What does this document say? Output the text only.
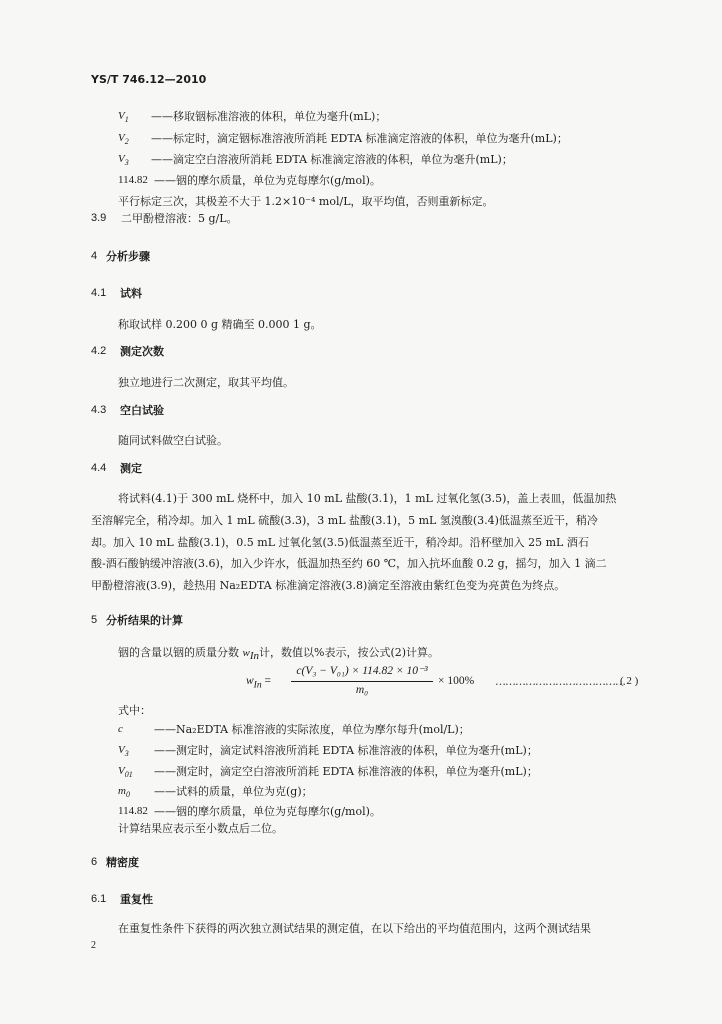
YS/T 746.12—2010
$V_1$ ——移取铟标准溶液的体积，单位为毫升(mL)；
$V_2$ ——标定时，滴定铟标准溶液所消耗 EDTA 标准滴定溶液的体积，单位为毫升(mL)；
$V_3$ ——滴定空白溶液所消耗 EDTA 标准滴定溶液的体积，单位为毫升(mL)；
114.82 ——铟的摩尔质量，单位为克每摩尔(g/mol)。
平行标定三次，其极差不大于 1.2×10⁻⁴ mol/L，取平均值，否则重新标定。
3.9 二甲酚橙溶液：5 g/L。
4 分析步骤
4.1 试料
称取试样 0.200 0 g 精确至 0.000 1 g。
4.2 测定次数
独立地进行二次测定，取其平均值。
4.3 空白试验
随同试料做空白试验。
4.4 测定
将试料(4.1)于 300 mL 烧杯中，加入 10 mL 盐酸(3.1)，1 mL 过氧化氢(3.5)，盖上表皿，低温加热
至溶解完全，稍冷却。加入 1 mL 硫酸(3.3)，3 mL 盐酸(3.1)，5 mL 氢溴酸(3.4)低温蒸至近干，稍冷
却。加入 10 mL 盐酸(3.1)，0.5 mL 过氧化氢(3.5)低温蒸至近干，稍冷却。沿杯壁加入 25 mL 酒石
酸-酒石酸钠缓冲溶液(3.6)，加入少许水，低温加热至约 60 ℃，加入抗坏血酸 0.2 g，摇匀，加入 1 滴二
甲酚橙溶液(3.9)，趁热用 Na₂EDTA 标准滴定溶液(3.8)滴定至溶液由紫红色变为亮黄色为终点。
5 分析结果的计算
铟的含量以铟的质量分数 $w_{In}$计，数值以%表示，按公式(2)计算。
$w_{In}$ =
c(V₃ − V₀₁) × 114.82 × 10⁻³
m₀
× 100% …………………………………
( 2 )
式中：
c	——Na₂EDTA 标准溶液的实际浓度，单位为摩尔每升(mol/L)；
$V_3$ ——测定时，滴定试料溶液所消耗 EDTA 标准溶液的体积，单位为毫升(mL)；
$V_{01}$ ——测定时，滴定空白溶液所消耗 EDTA 标准溶液的体积，单位为毫升(mL)；
$m_0$ ——试料的质量，单位为克(g)；
114.82 ——铟的摩尔质量，单位为克每摩尔(g/mol)。
计算结果应表示至小数点后二位。
6 精密度
6.1 重复性
在重复性条件下获得的两次独立测试结果的测定值，在以下给出的平均值范围内，这两个测试结果
2
